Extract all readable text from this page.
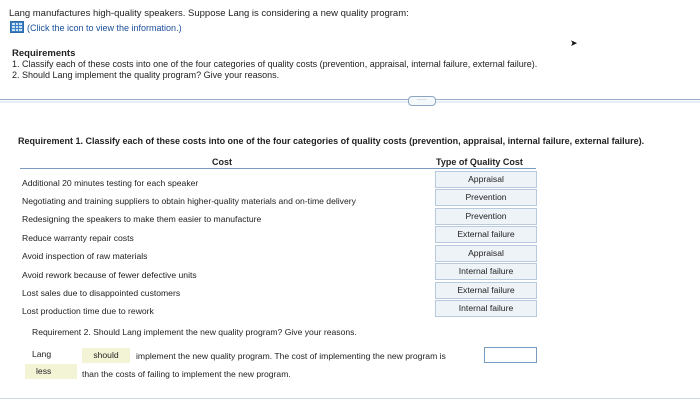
Lang manufactures high-quality speakers. Suppose Lang is considering a new quality program:
(Click the icon to view the information.)
Requirements
1. Classify each of these costs into one of the four categories of quality costs (prevention, appraisal, internal failure, external failure).
2. Should Lang implement the quality program? Give your reasons.
➤
·····
Requirement 1. Classify each of these costs into one of the four categories of quality costs (prevention, appraisal, internal failure, external failure).
Cost	Type of Quality Cost
Additional 20 minutes testing for each speaker	Appraisal
Negotiating and training suppliers to obtain higher-quality materials and on-time delivery	Prevention
Redesigning the speakers to make them easier to manufacture	Prevention
Reduce warranty repair costs	External failure
Avoid inspection of raw materials	Appraisal
Avoid rework because of fewer defective units	Internal failure
Lost sales due to disappointed customers	External failure
Lost production time due to rework	Internal failure
Requirement 2. Should Lang implement the new quality program? Give your reasons.
Lang	should	implement the new quality program. The cost of implementing the new program is
less	than the costs of failing to implement the new program.
